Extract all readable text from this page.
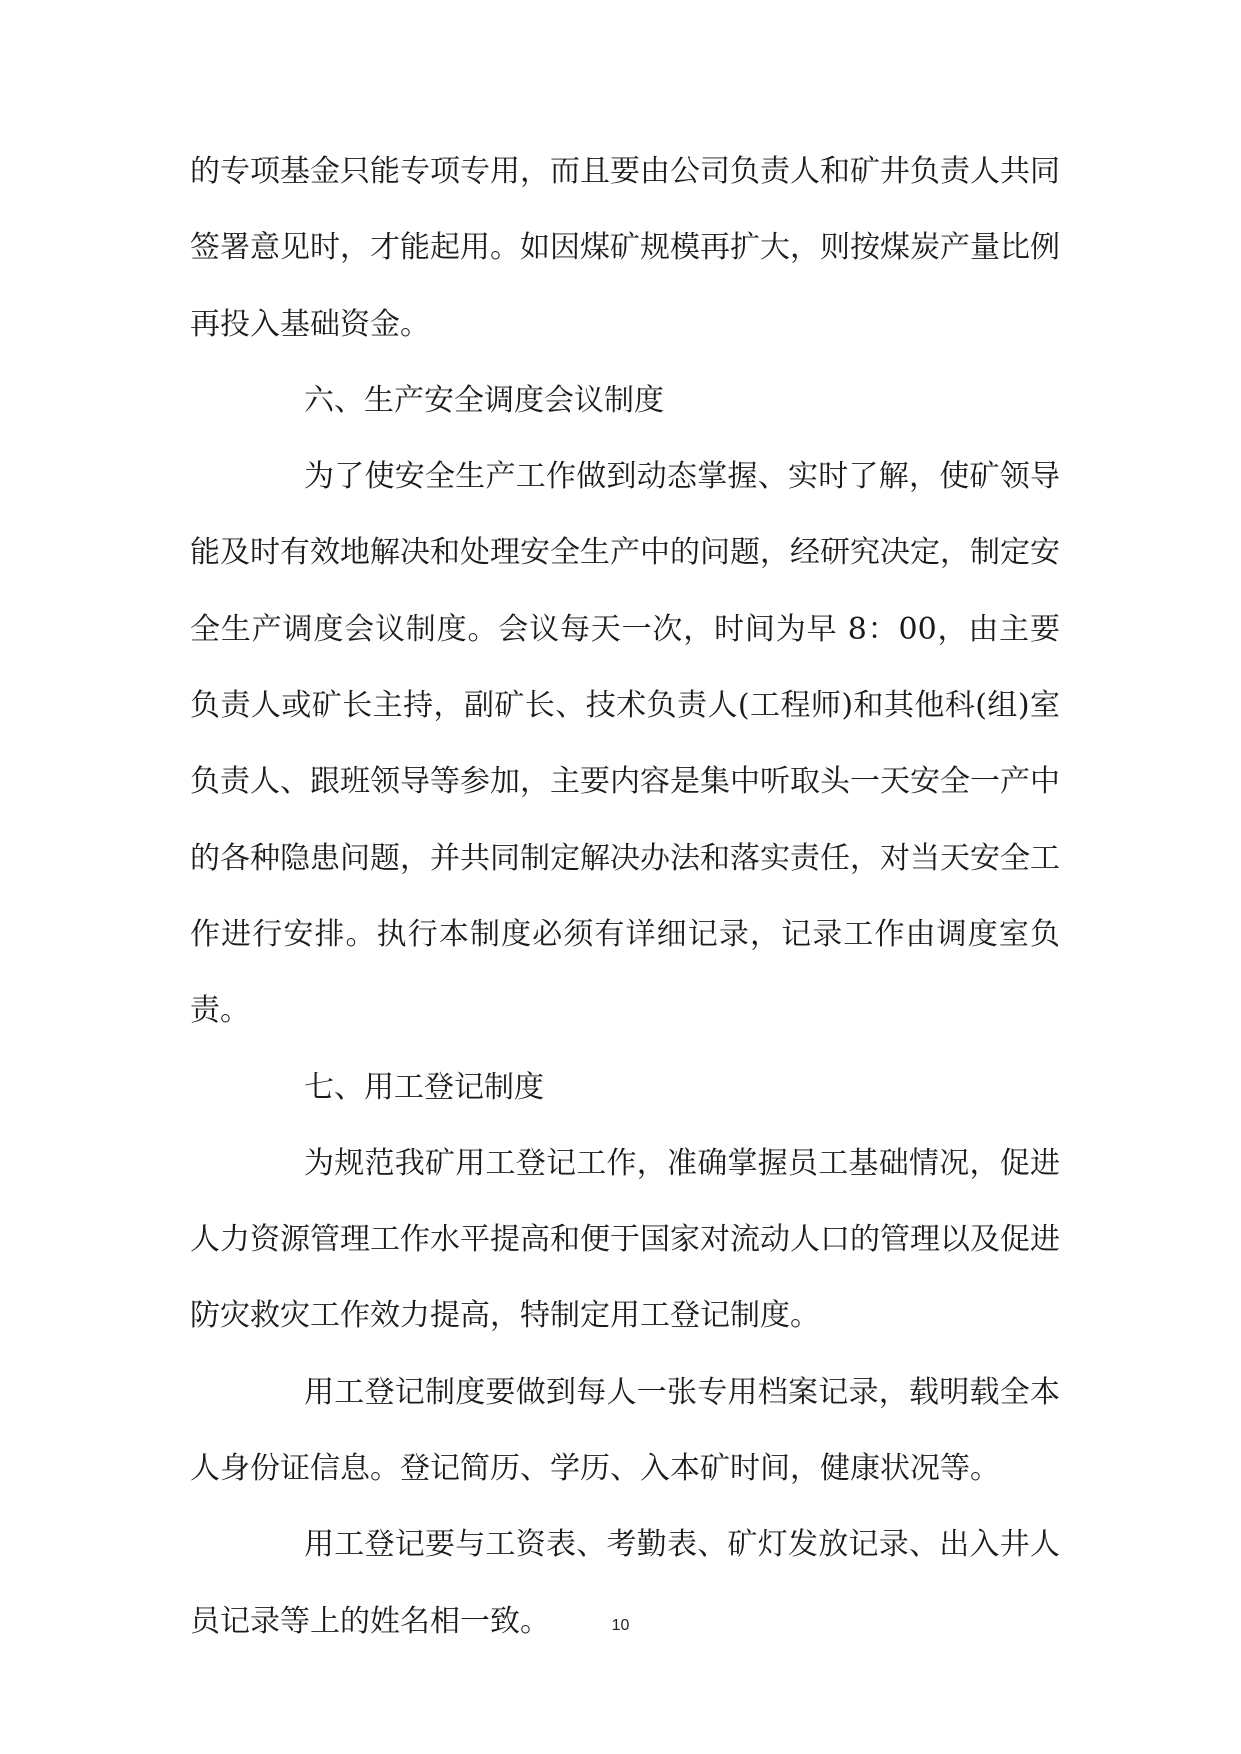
的专项基金只能专项专用，而且要由公司负责人和矿井负责人共同签署意见时，才能起用。如因煤矿规模再扩大，则按煤炭产量比例再投入基础资金。

六、生产安全调度会议制度

为了使安全生产工作做到动态掌握、实时了解，使矿领导能及时有效地解决和处理安全生产中的问题，经研究决定，制定安全生产调度会议制度。会议每天一次，时间为早 8：00，由主要负责人或矿长主持，副矿长、技术负责人(工程师)和其他科(组)室负责人、跟班领导等参加，主要内容是集中听取头一天安全一产中的各种隐患问题，并共同制定解决办法和落实责任，对当天安全工作进行安排。执行本制度必须有详细记录，记录工作由调度室负责。

七、用工登记制度

为规范我矿用工登记工作，准确掌握员工基础情况，促进人力资源管理工作水平提高和便于国家对流动人口的管理以及促进防灾救灾工作效力提高，特制定用工登记制度。

用工登记制度要做到每人一张专用档案记录，载明载全本人身份证信息。登记简历、学历、入本矿时间，健康状况等。

用工登记要与工资表、考勤表、矿灯发放记录、出入井人员记录等上的姓名相一致。	10
